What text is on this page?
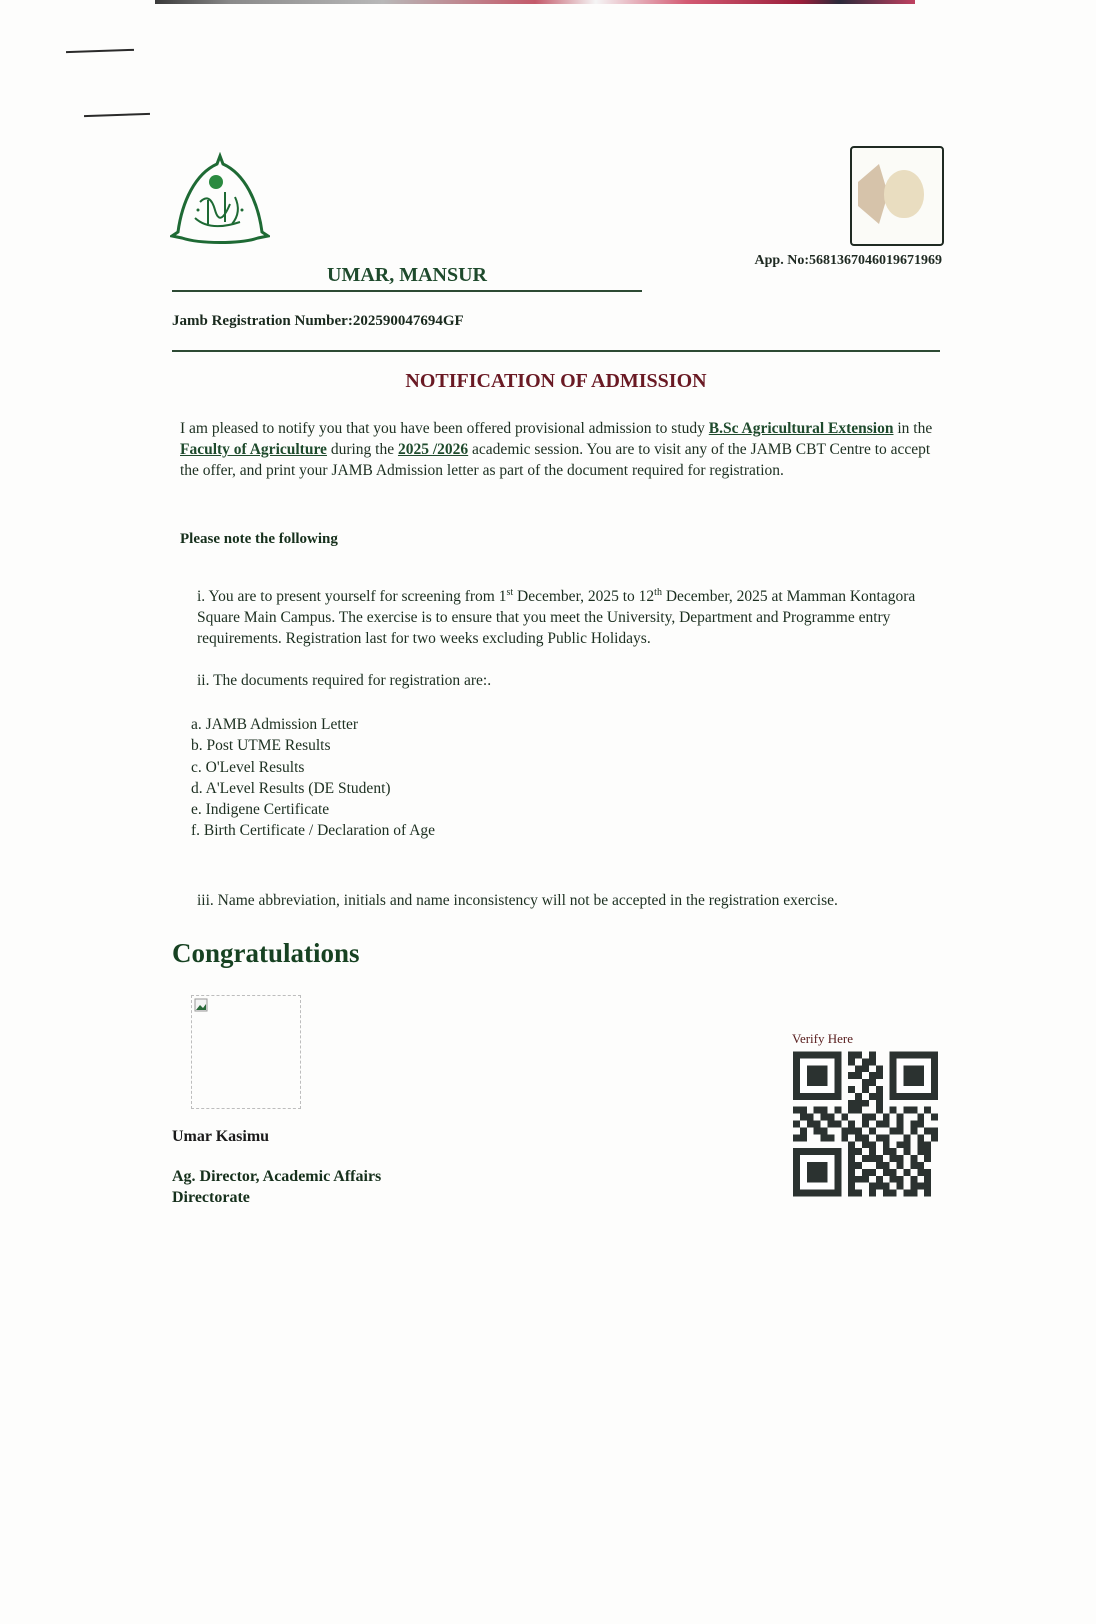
App. No:5681367046019671969
UMAR, MANSUR
Jamb Registration Number:202590047694GF
NOTIFICATION OF ADMISSION
I am pleased to notify you that you have been offered provisional admission to study B.Sc Agricultural Extension in the Faculty of Agriculture during the 2025 /2026 academic session. You are to visit any of the JAMB CBT Centre to accept the offer, and print your JAMB Admission letter as part of the document required for registration.
Please note the following
i. You are to present yourself for screening from 1st December, 2025 to 12th December, 2025 at Mamman Kontagora Square Main Campus. The exercise is to ensure that you meet the University, Department and Programme entry requirements. Registration last for two weeks excluding Public Holidays.
ii. The documents required for registration are:.
a. JAMB Admission Letter
b. Post UTME Results
c. O'Level Results
d. A'Level Results (DE Student)
e. Indigene Certificate
f. Birth Certificate / Declaration of Age
iii. Name abbreviation, initials and name inconsistency will not be accepted in the registration exercise.
Congratulations
Umar Kasimu
Ag. Director, Academic Affairs
Directorate
Verify Here
